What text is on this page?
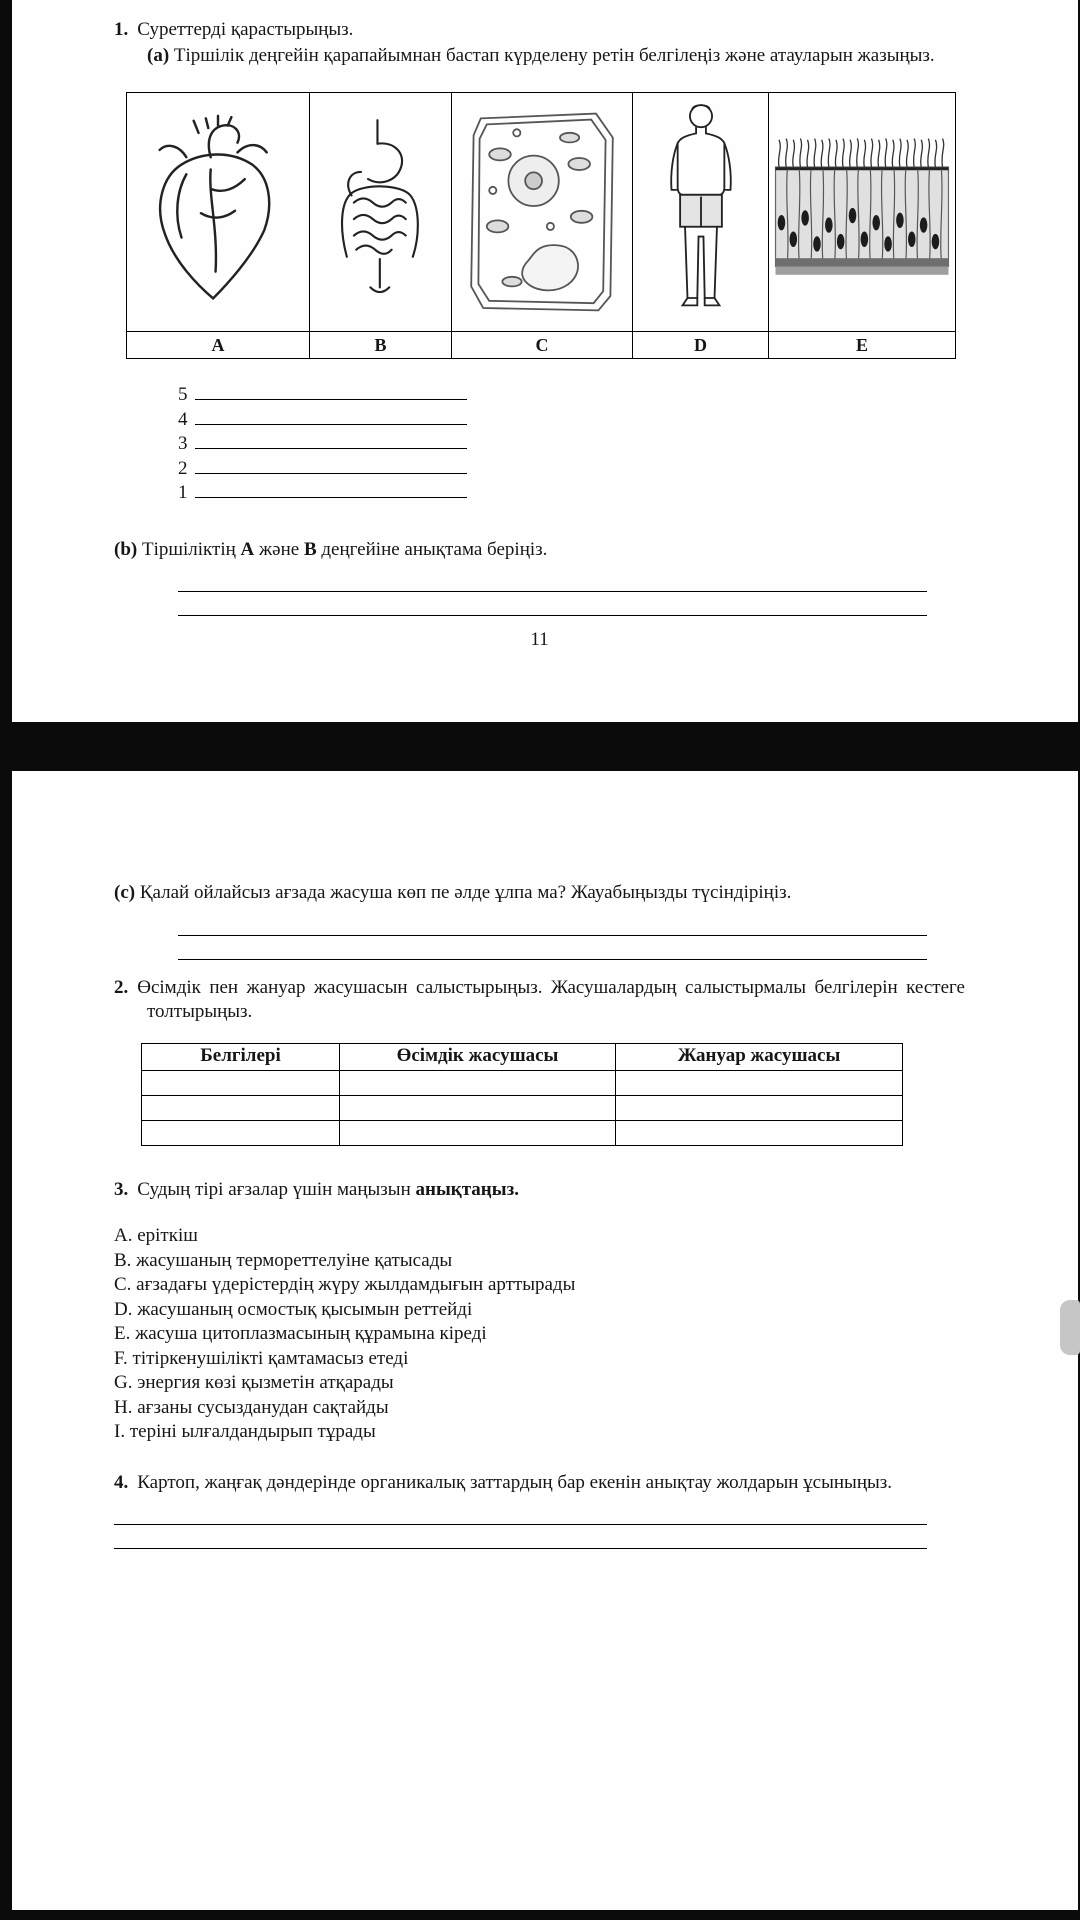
1. Суреттерді қарастырыңыз.
(a) Тіршілік деңгейін қарапайымнан бастап күрделену ретін белгілеңіз және атауларын жазыңыз.

A	B	C	D	E
5
4
3
2
1
(b) Тіршіліктің А және В деңгейіне анықтама беріңіз.
11
(c) Қалай ойлайсыз ағзада жасуша көп пе әлде ұлпа ма? Жауабыңызды түсіндіріңіз.
2. Өсімдік пен жануар жасушасын салыстырыңыз. Жасушалардың салыстырмалы белгілерін кестеге толтырыңыз.
Белгілері	Өсімдік жасушасы	Жануар жасушасы

3. Судың тірі ағзалар үшін маңызын анықтаңыз.
A. еріткіш
B. жасушаның терморeттелуіне қатысады
C. ағзадағы үдерістердің жүру жылдамдығын арттырады
D. жасушаның осмостық қысымын реттейді
E. жасуша цитоплазмасының құрамына кіреді
F. тітіркенушілікті қамтамасыз етеді
G. энергия көзі қызметін атқарады
H. ағзаны сусызданудан сақтайды
I. теріні ылғалдандырып тұрады
4. Картоп, жаңғақ дәндерінде органикалық заттардың бар екенін анықтау жолдарын ұсыныңыз.
